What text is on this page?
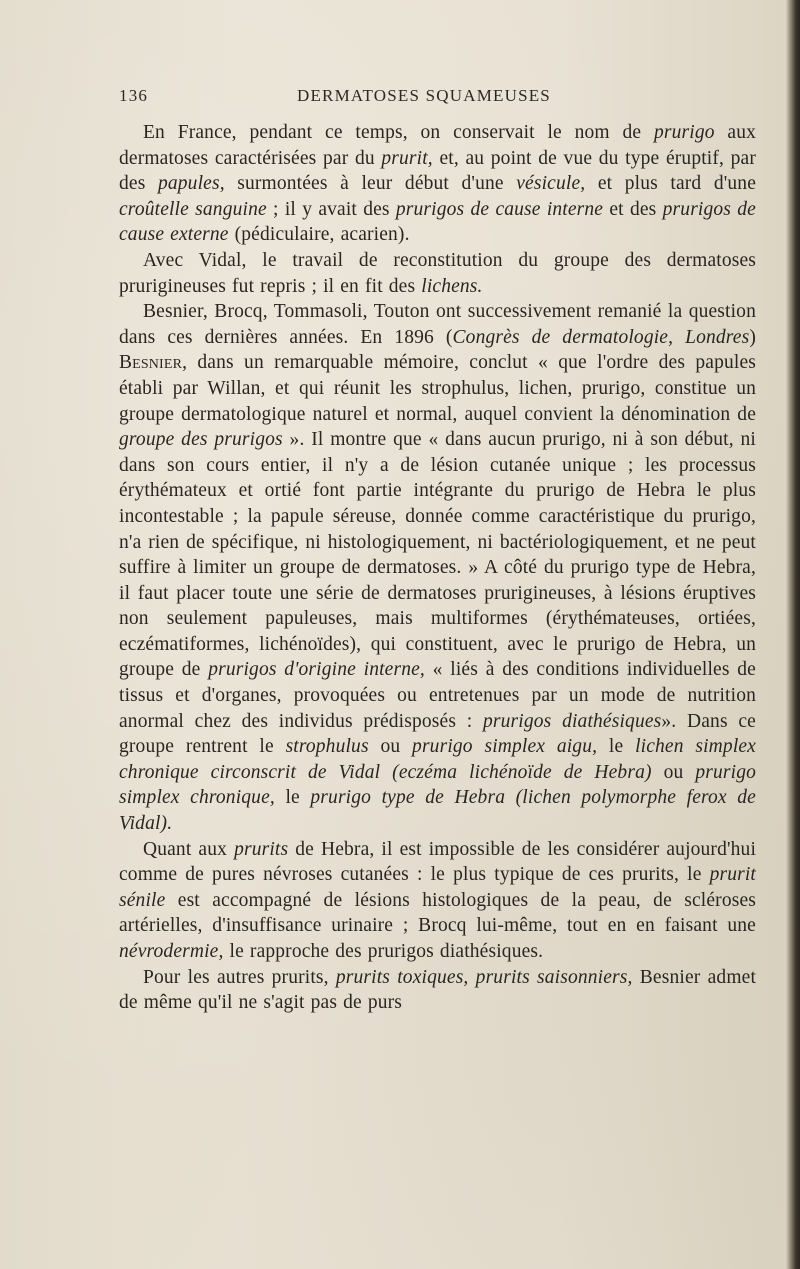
136	DERMATOSES SQUAMEUSES

En France, pendant ce temps, on conservait le nom de prurigo aux dermatoses caractérisées par du prurit, et, au point de vue du type éruptif, par des papules, surmontées à leur début d'une vésicule, et plus tard d'une croûtelle sanguine ; il y avait des prurigos de cause interne et des prurigos de cause externe (pédiculaire, acarien).

Avec Vidal, le travail de reconstitution du groupe des dermatoses prurigineuses fut repris ; il en fit des lichens.

Besnier, Brocq, Tommasoli, Touton ont successivement remanié la question dans ces dernières années. En 1896 (Congrès de dermatologie, Londres) Besnier, dans un remarquable mémoire, conclut « que l'ordre des papules établi par Willan, et qui réunit les strophulus, lichen, prurigo, constitue un groupe dermatologique naturel et normal, auquel convient la dénomination de groupe des prurigos ». Il montre que « dans aucun prurigo, ni à son début, ni dans son cours entier, il n'y a de lésion cutanée unique ; les processus érythémateux et ortié font partie intégrante du prurigo de Hebra le plus incontestable ; la papule séreuse, donnée comme caractéristique du prurigo, n'a rien de spécifique, ni histologiquement, ni bactériologiquement, et ne peut suffire à limiter un groupe de dermatoses. » A côté du prurigo type de Hebra, il faut placer toute une série de dermatoses prurigineuses, à lésions éruptives non seulement papuleuses, mais multiformes (érythémateuses, ortiées, eczématiformes, lichénoïdes), qui constituent, avec le prurigo de Hebra, un groupe de prurigos d'origine interne, « liés à des conditions individuelles de tissus et d'organes, provoquées ou entretenues par un mode de nutrition anormal chez des individus prédisposés : prurigos diathésiques». Dans ce groupe rentrent le strophulus ou prurigo simplex aigu, le lichen simplex chronique circonscrit de Vidal (eczéma lichénoïde de Hebra) ou prurigo simplex chronique, le prurigo type de Hebra (lichen polymorphe ferox de Vidal).

Quant aux prurits de Hebra, il est impossible de les considérer aujourd'hui comme de pures névroses cutanées : le plus typique de ces prurits, le prurit sénile est accompagné de lésions histologiques de la peau, de scléroses artérielles, d'insuffisance urinaire ; Brocq lui-même, tout en en faisant une névrodermie, le rapproche des prurigos diathésiques.

Pour les autres prurits, prurits toxiques, prurits saisonniers, Besnier admet de même qu'il ne s'agit pas de purs
